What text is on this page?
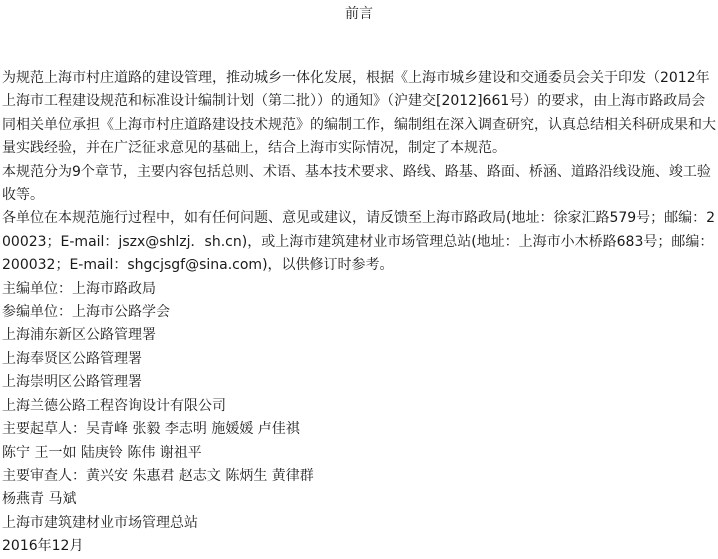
前言

为规范上海市村庄道路的建设管理，推动城乡一体化发展，根据《上海市城乡建设和交通委员会关于印发（2012年上海市工程建设规范和标准设计编制计划（第二批））的通知》（沪建交[2012]661号）的要求，由上海市路政局会同相关单位承担《上海市村庄道路建设技术规范》的编制工作，编制组在深入调查研究，认真总结相关科研成果和大量实践经验，并在广泛征求意见的基础上，结合上海市实际情况，制定了本规范。

本规范分为9个章节，主要内容包括总则、术语、基本技术要求、路线、路基、路面、桥涵、道路沿线设施、竣工验收等。

各单位在本规范施行过程中，如有任何问题、意见或建议，请反馈至上海市路政局(地址：徐家汇路579号；邮编：200023；E-mail：jszx@shlzj．sh.cn)，或上海市建筑建材业市场管理总站(地址：上海市小木桥路683号；邮编：200032；E-mail：shgcjsgf@sina.com)，以供修订时参考。

主编单位：上海市路政局
参编单位：上海市公路学会
上海浦东新区公路管理署
上海奉贤区公路管理署
上海崇明区公路管理署
上海兰德公路工程咨询设计有限公司
主要起草人：吴青峰 张毅 李志明 施媛媛 卢佳祺
陈宁 王一如 陆庚铃 陈伟 谢祖平
主要审查人：黄兴安 朱惠君 赵志文 陈炳生 黄律群
杨燕青 马斌
上海市建筑建材业市场管理总站
2016年12月
